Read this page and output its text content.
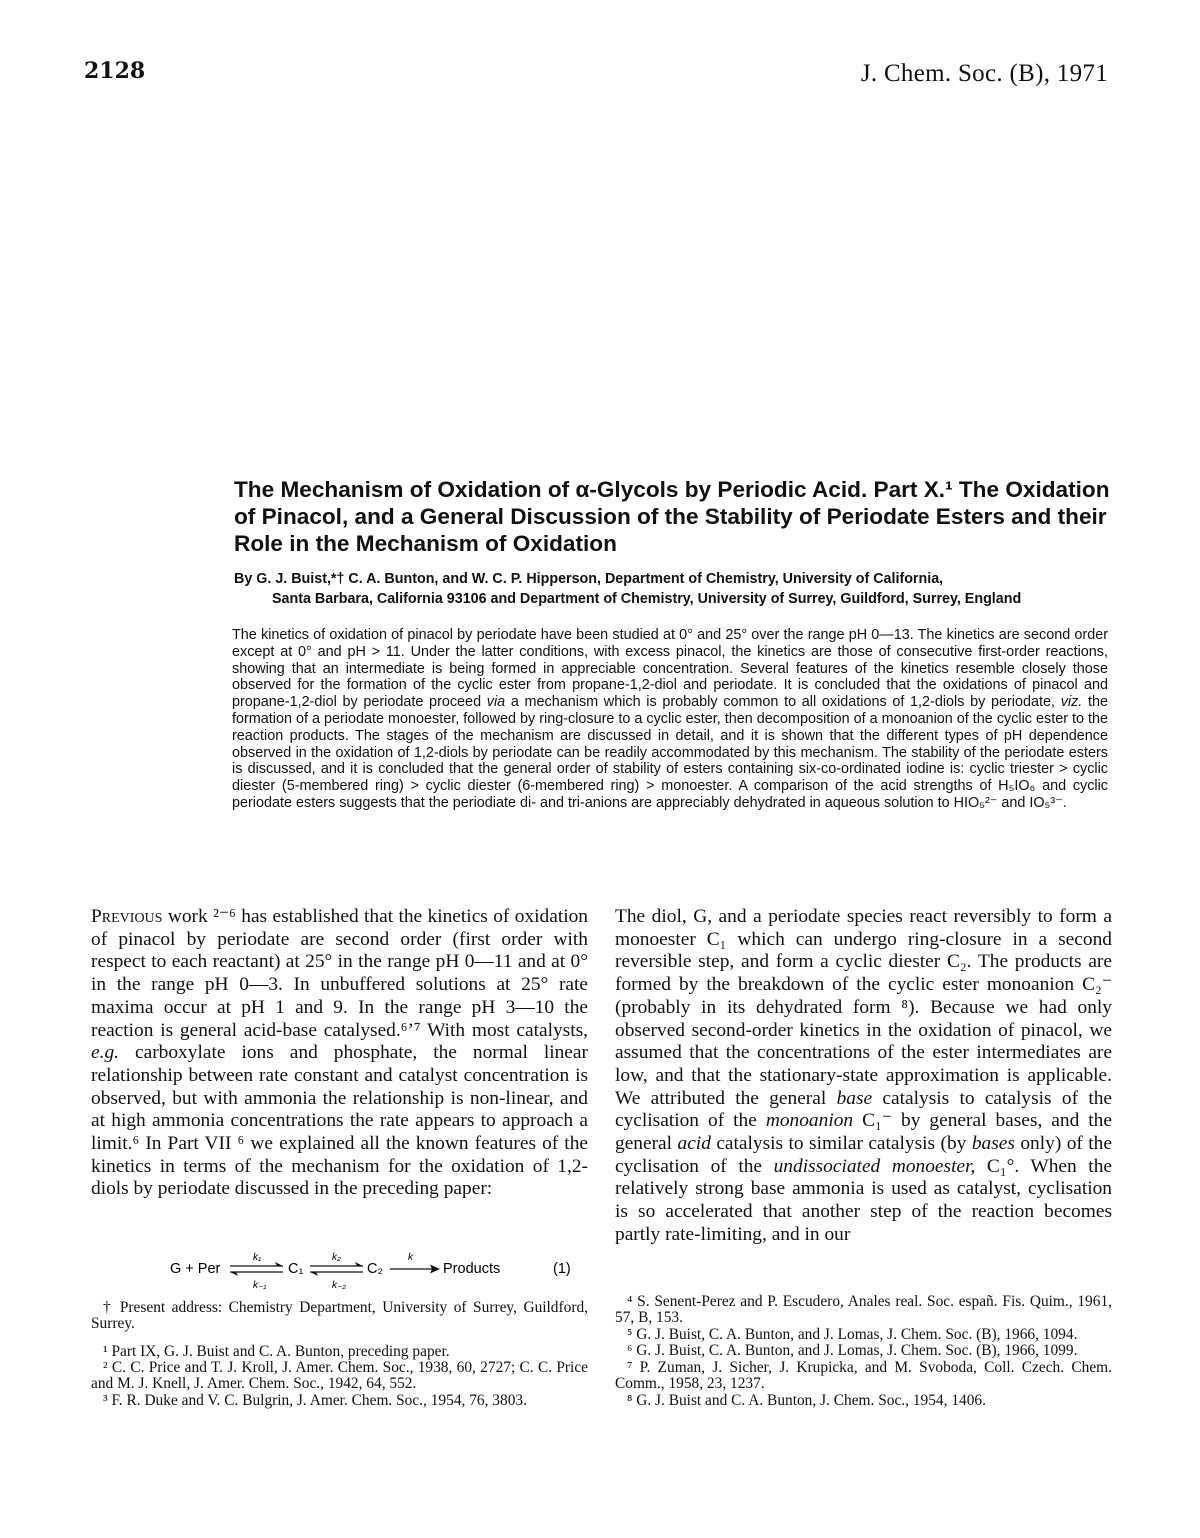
2128	J. Chem. Soc. (B), 1971
The Mechanism of Oxidation of α-Glycols by Periodic Acid. Part X.¹ The Oxidation of Pinacol, and a General Discussion of the Stability of Periodate Esters and their Role in the Mechanism of Oxidation
By G. J. Buist,*† C. A. Bunton, and W. C. P. Hipperson, Department of Chemistry, University of California,
Santa Barbara, California 93106 and Department of Chemistry, University of Surrey, Guildford, Surrey, England

The kinetics of oxidation of pinacol by periodate have been studied at 0° and 25° over the range pH 0—13. The kinetics are second order except at 0° and pH > 11. Under the latter conditions, with excess pinacol, the kinetics are those of consecutive first-order reactions, showing that an intermediate is being formed in appreciable concentration. Several features of the kinetics resemble closely those observed for the formation of the cyclic ester from propane-1,2-diol and periodate. It is concluded that the oxidations of pinacol and propane-1,2-diol by periodate proceed via a mechanism which is probably common to all oxidations of 1,2-diols by periodate, viz. the formation of a periodate monoester, followed by ring-closure to a cyclic ester, then decomposition of a monoanion of the cyclic ester to the reaction products. The stages of the mechanism are discussed in detail, and it is shown that the different types of pH dependence observed in the oxidation of 1,2-diols by periodate can be readily accommodated by this mechanism. The stability of the periodate esters is discussed, and it is concluded that the general order of stability of esters containing six-co-ordinated iodine is: cyclic triester > cyclic diester (5-membered ring) > cyclic diester (6-membered ring) > monoester. A comparison of the acid strengths of H₅IO₆ and cyclic periodate esters suggests that the periodiate di- and tri-anions are appreciably dehydrated in aqueous solution to HIO₅²⁻ and IO₅³⁻.

Previous work ²⁻⁶ has established that the kinetics of oxidation of pinacol by periodate are second order (first order with respect to each reactant) at 25° in the range pH 0—11 and at 0° in the range pH 0—3. In unbuffered solutions at 25° rate maxima occur at pH 1 and 9. In the range pH 3—10 the reaction is general acid-base catalysed.⁶ʼ⁷ With most catalysts, e.g. carboxylate ions and phosphate, the normal linear relationship between rate constant and catalyst concentration is observed, but with ammonia the relationship is non-linear, and at high ammonia concentrations the rate appears to approach a limit.⁶ In Part VII ⁶ we explained all the known features of the kinetics in terms of the mechanism for the oxidation of 1,2-diols by periodate discussed in the preceding paper:

G + Per
k₁
k₋₁
C₁
k₂
k₋₂
C₂
k
Products	(1)

† Present address: Chemistry Department, University of Surrey, Guildford, Surrey.

¹ Part IX, G. J. Buist and C. A. Bunton, preceding paper.

² C. C. Price and T. J. Kroll, J. Amer. Chem. Soc., 1938, 60, 2727; C. C. Price and M. J. Knell, J. Amer. Chem. Soc., 1942, 64, 552.

³ F. R. Duke and V. C. Bulgrin, J. Amer. Chem. Soc., 1954, 76, 3803.

The diol, G, and a periodate species react reversibly to form a monoester C₁ which can undergo ring-closure in a second reversible step, and form a cyclic diester C₂. The products are formed by the breakdown of the cyclic ester monoanion C₂⁻ (probably in its dehydrated form ⁸). Because we had only observed second-order kinetics in the oxidation of pinacol, we assumed that the concentrations of the ester intermediates are low, and that the stationary-state approximation is applicable. We attributed the general base catalysis to catalysis of the cyclisation of the monoanion C₁⁻ by general bases, and the general acid catalysis to similar catalysis (by bases only) of the cyclisation of the undissociated monoester, C₁°. When the relatively strong base ammonia is used as catalyst, cyclisation is so accelerated that another step of the reaction becomes partly rate-limiting, and in our

⁴ S. Senent-Perez and P. Escudero, Anales real. Soc. españ. Fis. Quim., 1961, 57, B, 153.

⁵ G. J. Buist, C. A. Bunton, and J. Lomas, J. Chem. Soc. (B), 1966, 1094.

⁶ G. J. Buist, C. A. Bunton, and J. Lomas, J. Chem. Soc. (B), 1966, 1099.

⁷ P. Zuman, J. Sicher, J. Krupicka, and M. Svoboda, Coll. Czech. Chem. Comm., 1958, 23, 1237.

⁸ G. J. Buist and C. A. Bunton, J. Chem. Soc., 1954, 1406.
